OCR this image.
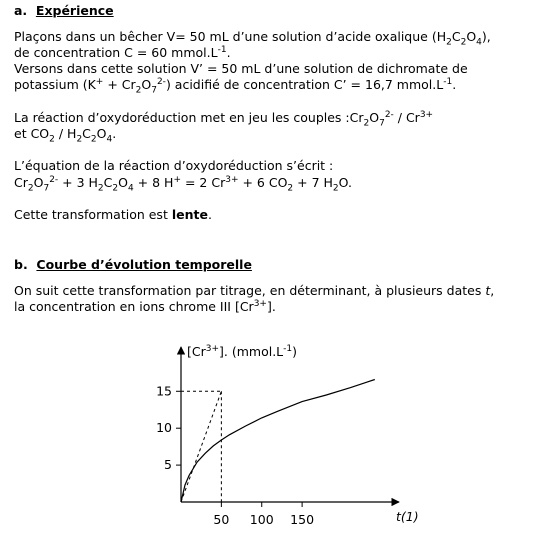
a. Expérience
Plaçons dans un bêcher V= 50 mL d’une solution d’acide oxalique $(H_2C_2O_4)$,
de concentration C = 60 $mmol.L^{-1}$.
Versons dans cette solution V’ = 50 mL d’une solution de dichromate de
potassium $(K^+ + Cr_2O_7^{2-})$ acidifié de concentration C’ = 16,7 $mmol.L^{-1}$.
La réaction d’oxydoréduction met en jeu les couples $:Cr_2O_7^{2-} / Cr^{3+}$
et $CO_2 / H_2C_2O_4$.
L’équation de la réaction d’oxydoréduction s’écrit :
$Cr_2O_7^{2-} + 3$ $H_2C_2O_4 + 8$ H+ = 2 $Cr^{3+} + 6$ $CO_2 + 7$ $H_2O$.
Cette transformation est lente.
b. Courbe d’évolution temporelle
On suit cette transformation par titrage, en déterminant, à plusieurs dates t,
la concentration en ions chrome III $[Cr^{3+}]$.
$[Cr^{3+}]$. $(mmol.L^{-1})$
t(1)
50 100 150
5
10
15
